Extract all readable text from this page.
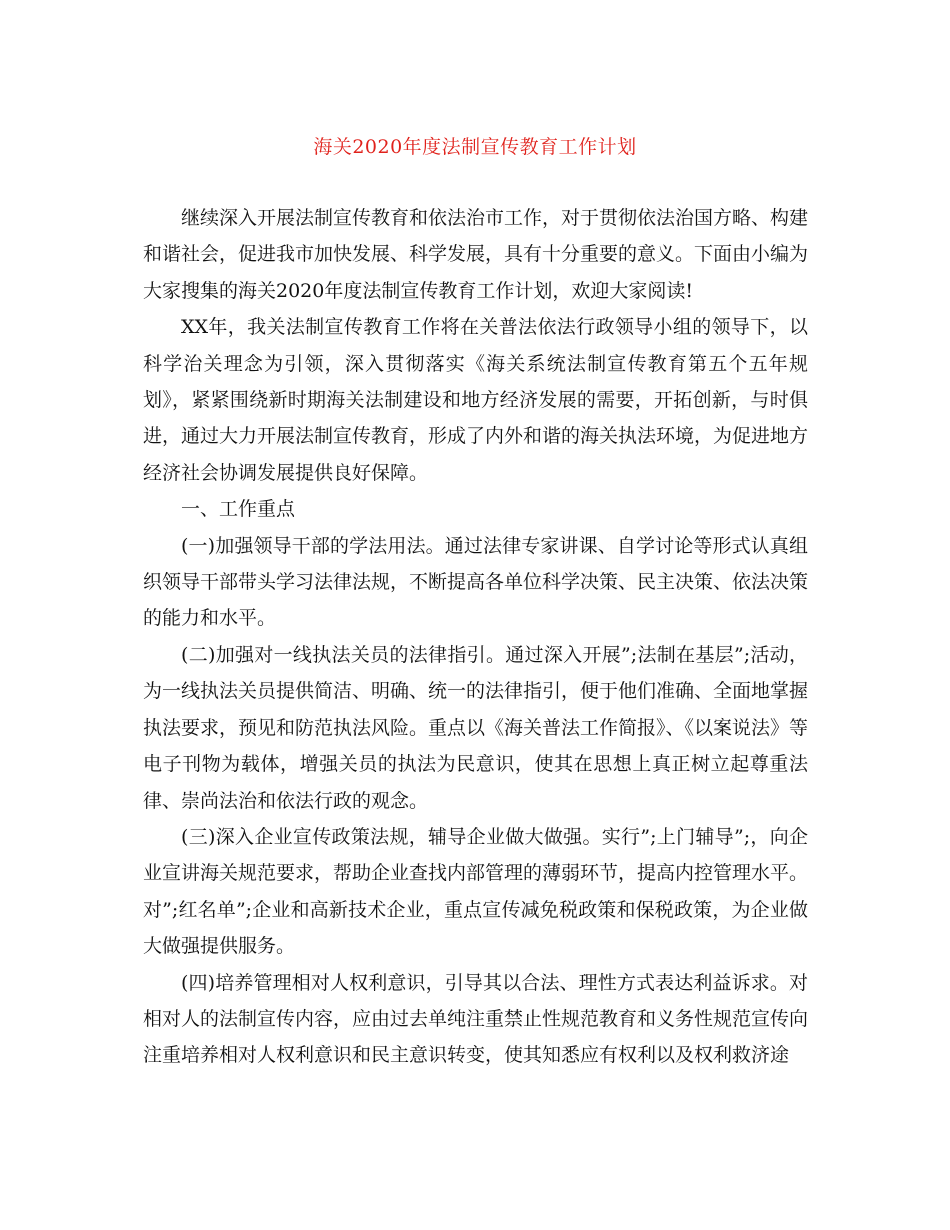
海关2020年度法制宣传教育工作计划

继续深入开展法制宣传教育和依法治市工作，对于贯彻依法治国方略、构建和谐社会，促进我市加快发展、科学发展，具有十分重要的意义。下面由小编为大家搜集的海关2020年度法制宣传教育工作计划，欢迎大家阅读!

XX年，我关法制宣传教育工作将在关普法依法行政领导小组的领导下，以科学治关理念为引领，深入贯彻落实《海关系统法制宣传教育第五个五年规划》，紧紧围绕新时期海关法制建设和地方经济发展的需要，开拓创新，与时俱进，通过大力开展法制宣传教育，形成了内外和谐的海关执法环境，为促进地方经济社会协调发展提供良好保障。

一、工作重点

(一)加强领导干部的学法用法。通过法律专家讲课、自学讨论等形式认真组织领导干部带头学习法律法规，不断提高各单位科学决策、民主决策、依法决策的能力和水平。

(二)加强对一线执法关员的法律指引。通过深入开展”;法制在基层”;活动，为一线执法关员提供简洁、明确、统一的法律指引，便于他们准确、全面地掌握执法要求，预见和防范执法风险。重点以《海关普法工作简报》、《以案说法》等电子刊物为载体，增强关员的执法为民意识，使其在思想上真正树立起尊重法律、崇尚法治和依法行政的观念。

(三)深入企业宣传政策法规，辅导企业做大做强。实行”;上门辅导”;，向企业宣讲海关规范要求，帮助企业查找内部管理的薄弱环节，提高内控管理水平。对”;红名单”;企业和高新技术企业，重点宣传减免税政策和保税政策，为企业做大做强提供服务。

(四)培养管理相对人权利意识，引导其以合法、理性方式表达利益诉求。对相对人的法制宣传内容，应由过去单纯注重禁止性规范教育和义务性规范宣传向注重培养相对人权利意识和民主意识转变，使其知悉应有权利以及权利救济途
